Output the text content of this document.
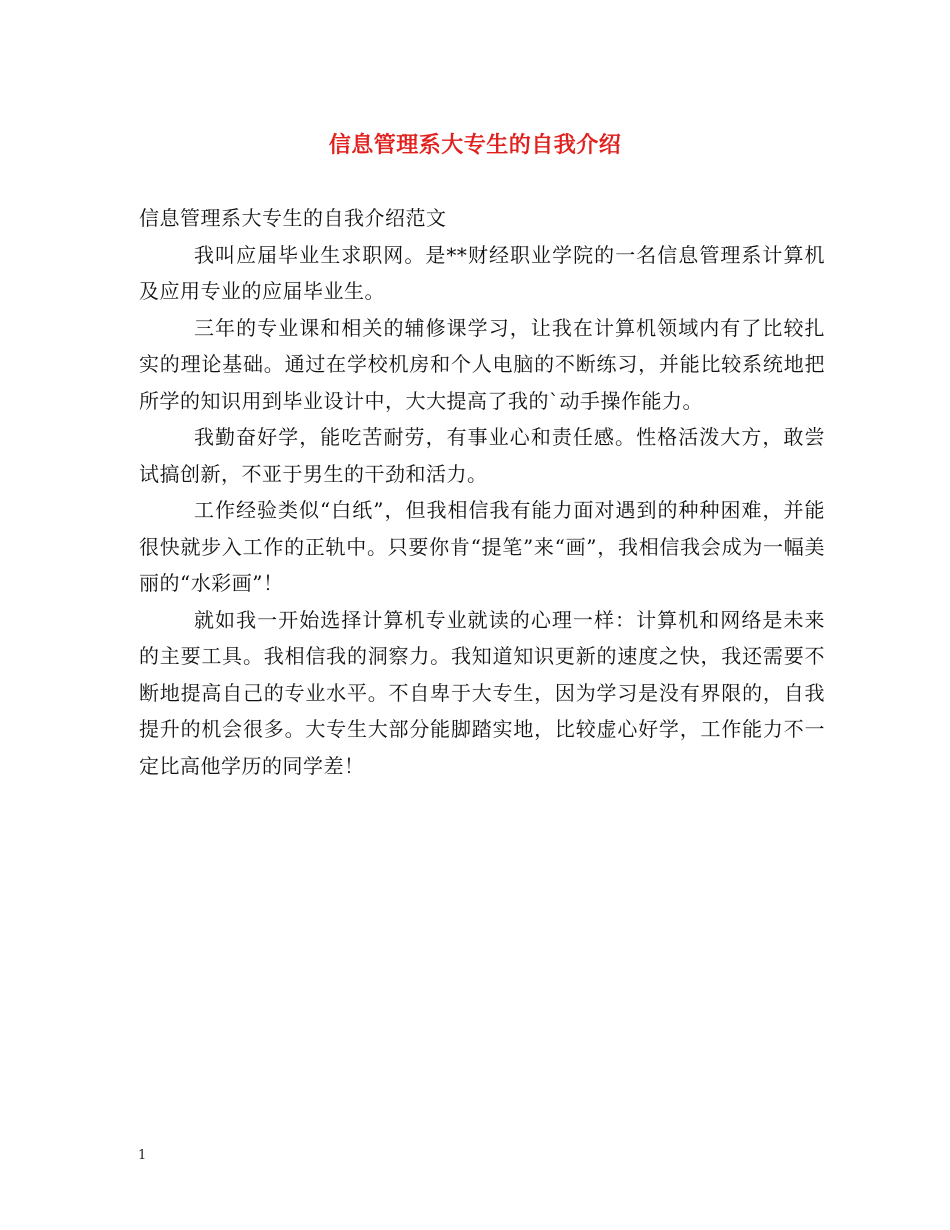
信息管理系大专生的自我介绍

信息管理系大专生的自我介绍范文

我叫应届毕业生求职网。是**财经职业学院的一名信息管理系计算机及应用专业的应届毕业生。

三年的专业课和相关的辅修课学习，让我在计算机领域内有了比较扎实的理论基础。通过在学校机房和个人电脑的不断练习，并能比较系统地把所学的知识用到毕业设计中，大大提高了我的`动手操作能力。

我勤奋好学，能吃苦耐劳，有事业心和责任感。性格活泼大方，敢尝试搞创新，不亚于男生的干劲和活力。

工作经验类似“白纸”，但我相信我有能力面对遇到的种种困难，并能很快就步入工作的正轨中。只要你肯“提笔”来“画”，我相信我会成为一幅美丽的“水彩画”！

就如我一开始选择计算机专业就读的心理一样：计算机和网络是未来的主要工具。我相信我的洞察力。我知道知识更新的速度之快，我还需要不断地提高自己的专业水平。不自卑于大专生，因为学习是没有界限的，自我提升的机会很多。大专生大部分能脚踏实地，比较虚心好学，工作能力不一定比高他学历的同学差！

1
